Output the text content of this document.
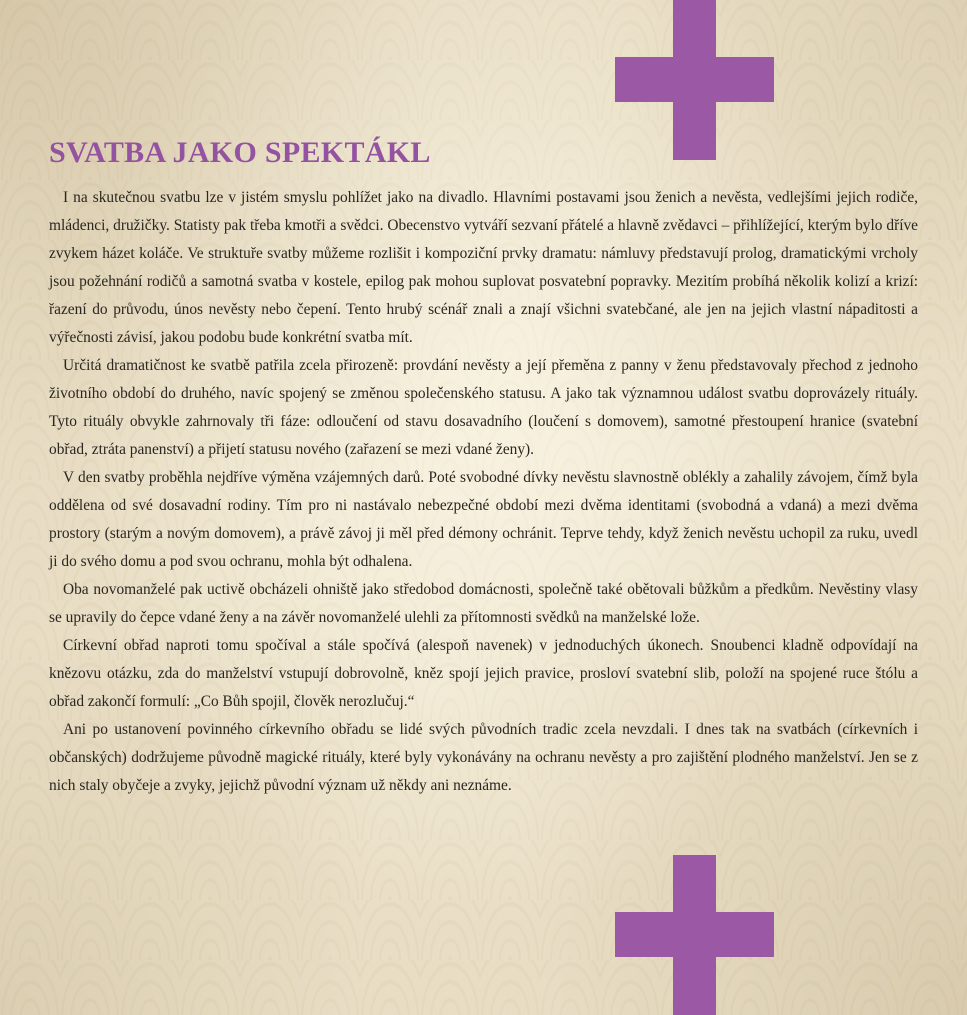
SVATBA JAKO SPEKTÁKL

I na skutečnou svatbu lze v jistém smyslu pohlížet jako na divadlo. Hlavními postavami jsou ženich a nevěsta, vedlejšími jejich rodiče, mládenci, družičky. Statisty pak třeba kmotři a svědci. Obecenstvo vytváří sezvaní přátelé a hlavně zvědavci – přihlížející, kterým bylo dříve zvykem házet koláče. Ve struktuře svatby můžeme rozlišit i kompoziční prvky dramatu: námluvy představují prolog, dramatickými vrcholy jsou požehnání rodičů a samotná svatba v kostele, epilog pak mohou suplovat posvatební popravky. Mezitím probíhá několik kolizí a krizí: řazení do průvodu, únos nevěsty nebo čepení. Tento hrubý scénář znali a znají všichni svatebčané, ale jen na jejich vlastní nápaditosti a výřečnosti závisí, jakou podobu bude konkrétní svatba mít.

Určitá dramatičnost ke svatbě patřila zcela přirozeně: provdání nevěsty a její přeměna z panny v ženu představovaly přechod z jednoho životního období do druhého, navíc spojený se změnou společenského statusu. A jako tak významnou událost svatbu doprovázely rituály. Tyto rituály obvykle zahrnovaly tři fáze: odloučení od stavu dosavadního (loučení s domovem), samotné přestoupení hranice (svatební obřad, ztráta panenství) a přijetí statusu nového (zařazení se mezi vdané ženy).

V den svatby proběhla nejdříve výměna vzájemných darů. Poté svobodné dívky nevěstu slavnostně oblékly a zahalily závojem, čímž byla oddělena od své dosavadní rodiny. Tím pro ni nastávalo nebezpečné období mezi dvěma identitami (svobodná a vdaná) a mezi dvěma prostory (starým a novým domovem), a právě závoj ji měl před démony ochránit. Teprve tehdy, když ženich nevěstu uchopil za ruku, uvedl ji do svého domu a pod svou ochranu, mohla být odhalena.

Oba novomanželé pak uctivě obcházeli ohniště jako středobod domácnosti, společně také obětovali bůžkům a předkům. Nevěstiny vlasy se upravily do čepce vdané ženy a na závěr novomanželé ulehli za přítomnosti svědků na manželské lože.

Církevní obřad naproti tomu spočíval a stále spočívá (alespoň navenek) v jednoduchých úkonech. Snoubenci kladně odpovídají na knězovu otázku, zda do manželství vstupují dobrovolně, kněz spojí jejich pravice, prosloví svatební slib, položí na spojené ruce štólu a obřad zakončí formulí: „Co Bůh spojil, člověk nerozlučuj.“

Ani po ustanovení povinného církevního obřadu se lidé svých původních tradic zcela nevzdali. I dnes tak na svatbách (církevních i občanských) dodržujeme původně magické rituály, které byly vykonávány na ochranu nevěsty a pro zajištění plodného manželství. Jen se z nich staly obyčeje a zvyky, jejichž původní význam už někdy ani neznáme.
